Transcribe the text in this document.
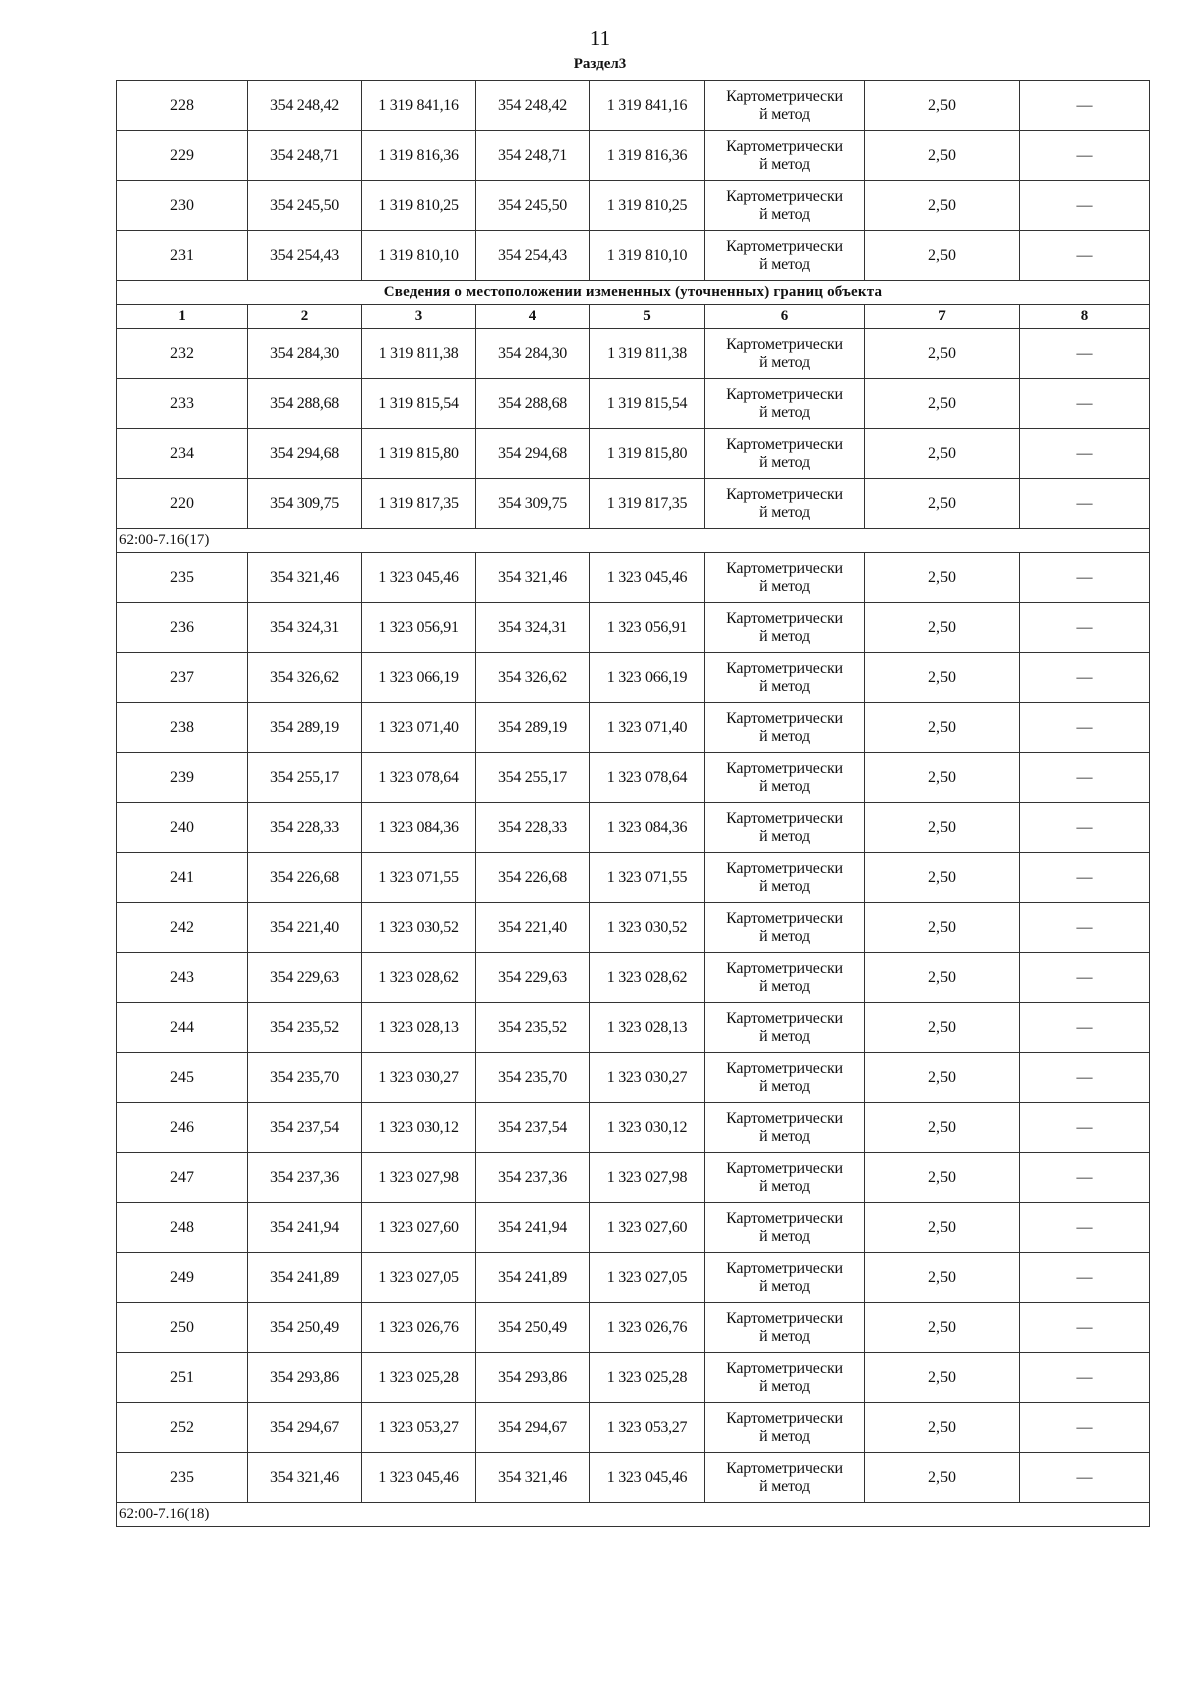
11
Раздел3
228	354 248,42	1 319 841,16	354 248,42	1 319 841,16	Картометрически
й метод	2,50	—
229	354 248,71	1 319 816,36	354 248,71	1 319 816,36	Картометрически
й метод	2,50	—
230	354 245,50	1 319 810,25	354 245,50	1 319 810,25	Картометрически
й метод	2,50	—
231	354 254,43	1 319 810,10	354 254,43	1 319 810,10	Картометрически
й метод	2,50	—
Сведения о местоположении измененных (уточненных) границ объекта							
1	2	3	4	5	6	7	8
232	354 284,30	1 319 811,38	354 284,30	1 319 811,38	Картометрически
й метод	2,50	—
233	354 288,68	1 319 815,54	354 288,68	1 319 815,54	Картометрически
й метод	2,50	—
234	354 294,68	1 319 815,80	354 294,68	1 319 815,80	Картометрически
й метод	2,50	—
220	354 309,75	1 319 817,35	354 309,75	1 319 817,35	Картометрически
й метод	2,50	—
62:00-7.16(17)							
235	354 321,46	1 323 045,46	354 321,46	1 323 045,46	Картометрически
й метод	2,50	—
236	354 324,31	1 323 056,91	354 324,31	1 323 056,91	Картометрически
й метод	2,50	—
237	354 326,62	1 323 066,19	354 326,62	1 323 066,19	Картометрически
й метод	2,50	—
238	354 289,19	1 323 071,40	354 289,19	1 323 071,40	Картометрически
й метод	2,50	—
239	354 255,17	1 323 078,64	354 255,17	1 323 078,64	Картометрически
й метод	2,50	—
240	354 228,33	1 323 084,36	354 228,33	1 323 084,36	Картометрически
й метод	2,50	—
241	354 226,68	1 323 071,55	354 226,68	1 323 071,55	Картометрически
й метод	2,50	—
242	354 221,40	1 323 030,52	354 221,40	1 323 030,52	Картометрически
й метод	2,50	—
243	354 229,63	1 323 028,62	354 229,63	1 323 028,62	Картометрически
й метод	2,50	—
244	354 235,52	1 323 028,13	354 235,52	1 323 028,13	Картометрически
й метод	2,50	—
245	354 235,70	1 323 030,27	354 235,70	1 323 030,27	Картометрически
й метод	2,50	—
246	354 237,54	1 323 030,12	354 237,54	1 323 030,12	Картометрически
й метод	2,50	—
247	354 237,36	1 323 027,98	354 237,36	1 323 027,98	Картометрически
й метод	2,50	—
248	354 241,94	1 323 027,60	354 241,94	1 323 027,60	Картометрически
й метод	2,50	—
249	354 241,89	1 323 027,05	354 241,89	1 323 027,05	Картометрически
й метод	2,50	—
250	354 250,49	1 323 026,76	354 250,49	1 323 026,76	Картометрически
й метод	2,50	—
251	354 293,86	1 323 025,28	354 293,86	1 323 025,28	Картометрически
й метод	2,50	—
252	354 294,67	1 323 053,27	354 294,67	1 323 053,27	Картометрически
й метод	2,50	—
235	354 321,46	1 323 045,46	354 321,46	1 323 045,46	Картометрически
й метод	2,50	—
62:00-7.16(18)							
